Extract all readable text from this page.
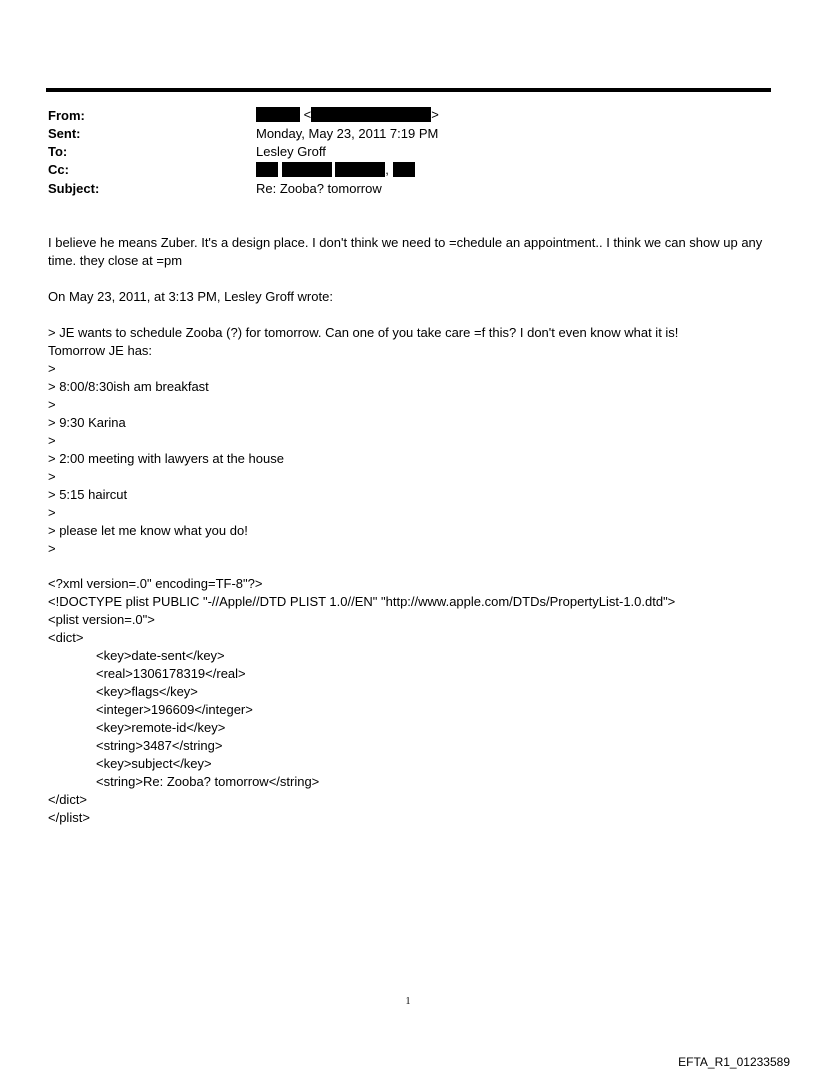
From:	<	>
Sent:	Monday, May 23, 2011 7:19 PM
To:	Lesley Groff
Cc:	,
Subject:	Re: Zooba? tomorrow
I believe he means Zuber. It's a design place. I don't think we need to =chedule an appointment.. I think we can show up any time. they close at =pm
On May 23, 2011, at 3:13 PM, Lesley Groff wrote:
> JE wants to schedule Zooba (?) for tomorrow. Can one of you take care =f this? I don't even know what it is!
Tomorrow JE has:
>
> 8:00/8:30ish am breakfast
>
> 9:30 Karina
>
> 2:00 meeting with lawyers at the house
>
> 5:15 haircut
>
> please let me know what you do!
>
<?xml version=.0" encoding=TF-8"?>
<!DOCTYPE plist PUBLIC "-//Apple//DTD PLIST 1.0//EN" "http://www.apple.com/DTDs/PropertyList-1.0.dtd">
<plist version=.0">
<dict>
<key>date-sent</key>
<real>1306178319</real>
<key>flags</key>
<integer>196609</integer>
<key>remote-id</key>
<string>3487</string>
<key>subject</key>
<string>Re: Zooba? tomorrow</string>
</dict>
</plist>
1
EFTA_R1_01233589
